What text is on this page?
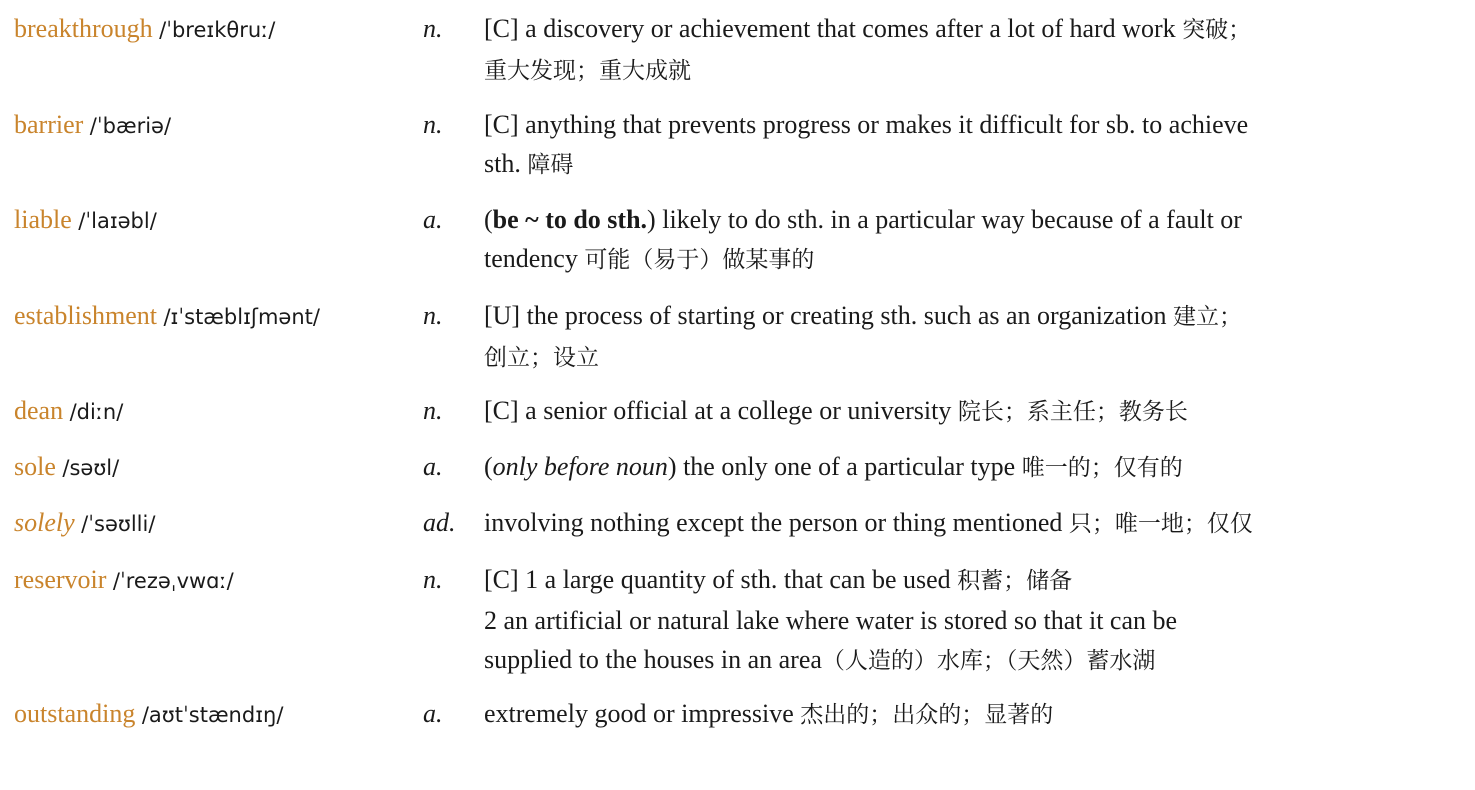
breakthrough /ˈbreɪkθruː/	n. [C] a discovery or achievement that comes after a lot of hard work 突破；
重大发现；重大成就
barrier /ˈbæriə/	n. [C] anything that prevents progress or makes it difficult for sb. to achieve
sth. 障碍
liable /ˈlaɪəbl/	a. (be ~ to do sth.) likely to do sth. in a particular way because of a fault or
tendency 可能（易于）做某事的
establishment /ɪˈstæblɪʃmənt/	n. [U] the process of starting or creating sth. such as an organization 建立；
创立；设立
dean /diːn/	n. [C] a senior official at a college or university 院长；系主任；教务长
sole /səʊl/	a. (only before noun) the only one of a particular type 唯一的；仅有的
solely /ˈsəʊlli/	ad. involving nothing except the person or thing mentioned 只；唯一地；仅仅
reservoir /ˈrezəˌvwɑː/	n. [C] 1 a large quantity of sth. that can be used 积蓄；储备
2 an artificial or natural lake where water is stored so that it can be
supplied to the houses in an area（人造的）水库；（天然）蓄水湖
outstanding /aʊtˈstændɪŋ/	a. extremely good or impressive 杰出的；出众的；显著的
